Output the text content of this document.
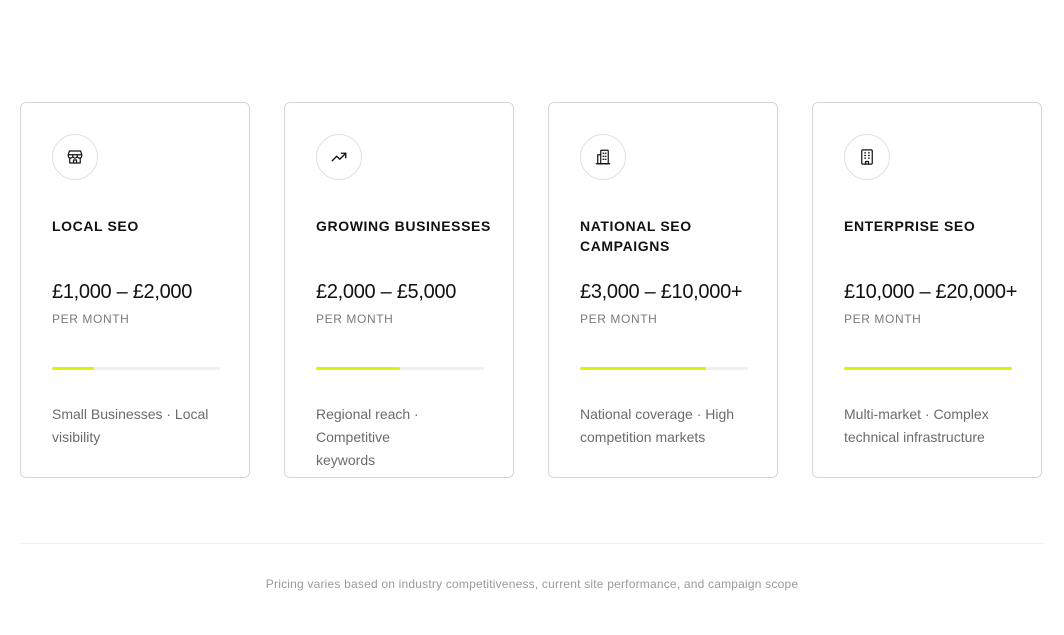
LOCAL SEO
£1,000 – £2,000
PER MONTH
Small Businesses · Local visibility
GROWING BUSINESSES
£2,000 – £5,000
PER MONTH
Regional reach · Competitive keywords
NATIONAL SEO CAMPAIGNS
£3,000 – £10,000+
PER MONTH
National coverage · High competition markets
ENTERPRISE SEO
£10,000 – £20,000+
PER MONTH
Multi-market · Complex technical infrastructure
Pricing varies based on industry competitiveness, current site performance, and campaign scope
